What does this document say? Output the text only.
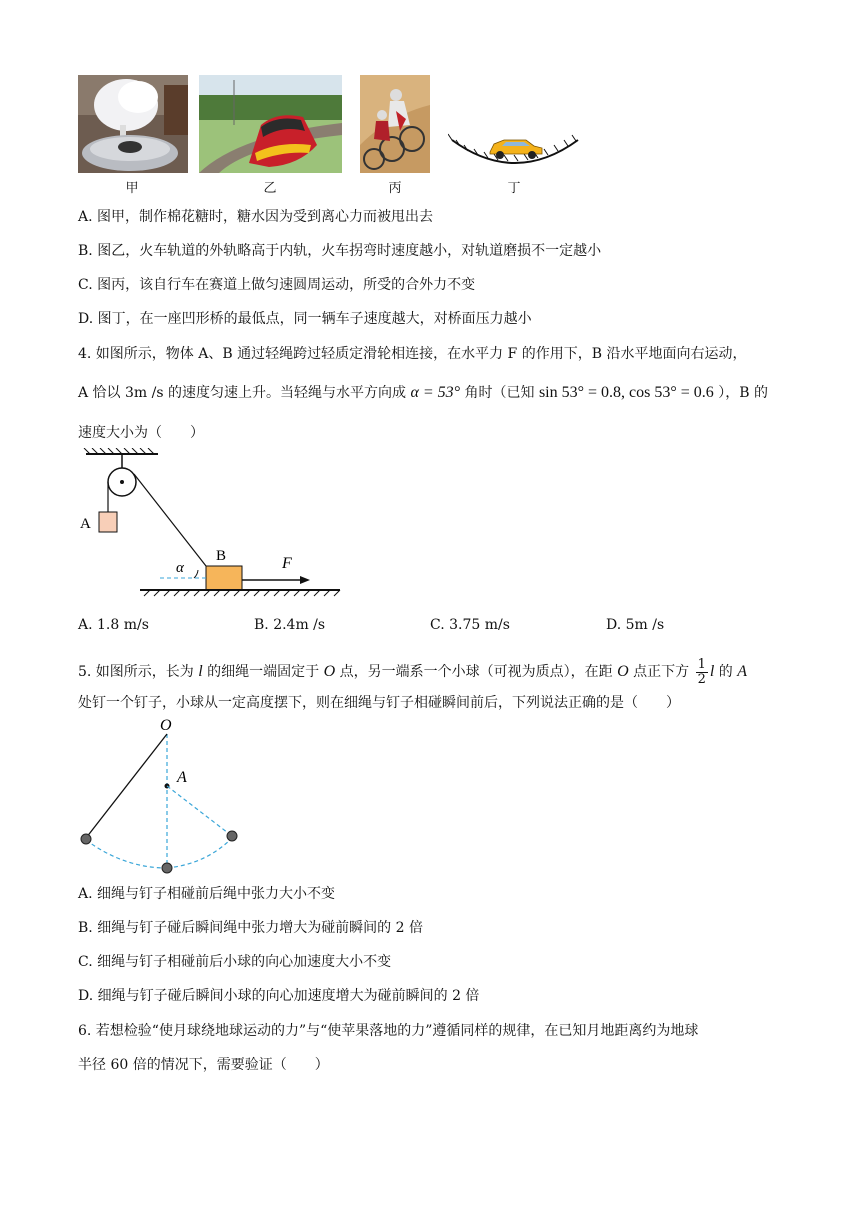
甲	乙	丙	丁
A. 图甲，制作棉花糖时，糖水因为受到离心力而被甩出去
B. 图乙，火车轨道的外轨略高于内轨，火车拐弯时速度越小，对轨道磨损不一定越小
C. 图丙，该自行车在赛道上做匀速圆周运动，所受的合外力不变
D. 图丁，在一座凹形桥的最低点，同一辆车子速度越大，对桥面压力越小
4. 如图所示，物体 A、B 通过轻绳跨过轻质定滑轮相连接，在水平力 F 的作用下，B 沿水平地面向右运动，
A 恰以 3m /s 的速度匀速上升。当轻绳与水平方向成 α = 53° 角时（已知 sin 53° = 0.8, cos 53° = 0.6 ），B 的
速度大小为（　　）
A
B
α	F
A. 1.8 m/s	B. 2.4m /s	C. 3.75 m/s	D. 5m /s
5. 如图所示，长为 l 的细绳一端固定于 O 点，另一端系一个小球（可视为质点），在距 O 点正下方 $\frac{1}{2}$ l 的 A
处钉一个钉子，小球从一定高度摆下，则在细绳与钉子相碰瞬间前后，下列说法正确的是（　　）
O
A
A. 细绳与钉子相碰前后绳中张力大小不变
B. 细绳与钉子碰后瞬间绳中张力增大为碰前瞬间的 2 倍
C. 细绳与钉子相碰前后小球的向心加速度大小不变
D. 细绳与钉子碰后瞬间小球的向心加速度增大为碰前瞬间的 2 倍
6. 若想检验“使月球绕地球运动的力”与“使苹果落地的力”遵循同样的规律，在已知月地距离约为地球
半径 60 倍的情况下，需要验证（　　）
